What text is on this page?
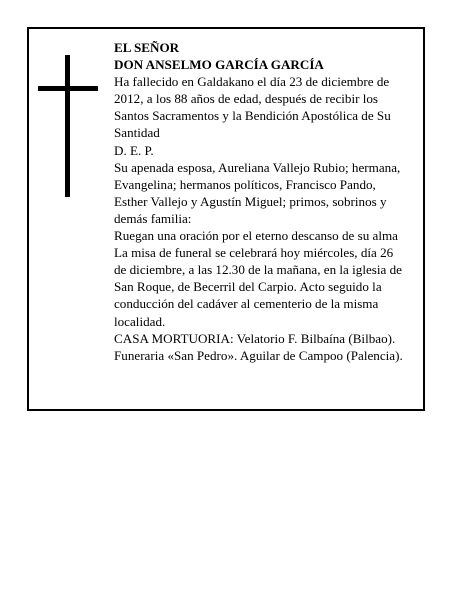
EL SEÑOR
DON ANSELMO GARCÍA GARCÍA
Ha fallecido en Galdakano el día 23 de diciembre de
2012, a los 88 años de edad, después de recibir los
Santos Sacramentos y la Bendición Apostólica de Su
Santidad
D. E. P.
Su apenada esposa, Aureliana Vallejo Rubio; hermana,
Evangelina; hermanos políticos, Francisco Pando,
Esther Vallejo y Agustín Miguel; primos, sobrinos y
demás familia:
Ruegan una oración por el eterno descanso de su alma
La misa de funeral se celebrará hoy miércoles, día 26
de diciembre, a las 12.30 de la mañana, en la iglesia de
San Roque, de Becerril del Carpio. Acto seguido la
conducción del cadáver al cementerio de la misma
localidad.
CASA MORTUORIA: Velatorio F. Bilbaína (Bilbao).
Funeraria «San Pedro». Aguilar de Campoo (Palencia).
